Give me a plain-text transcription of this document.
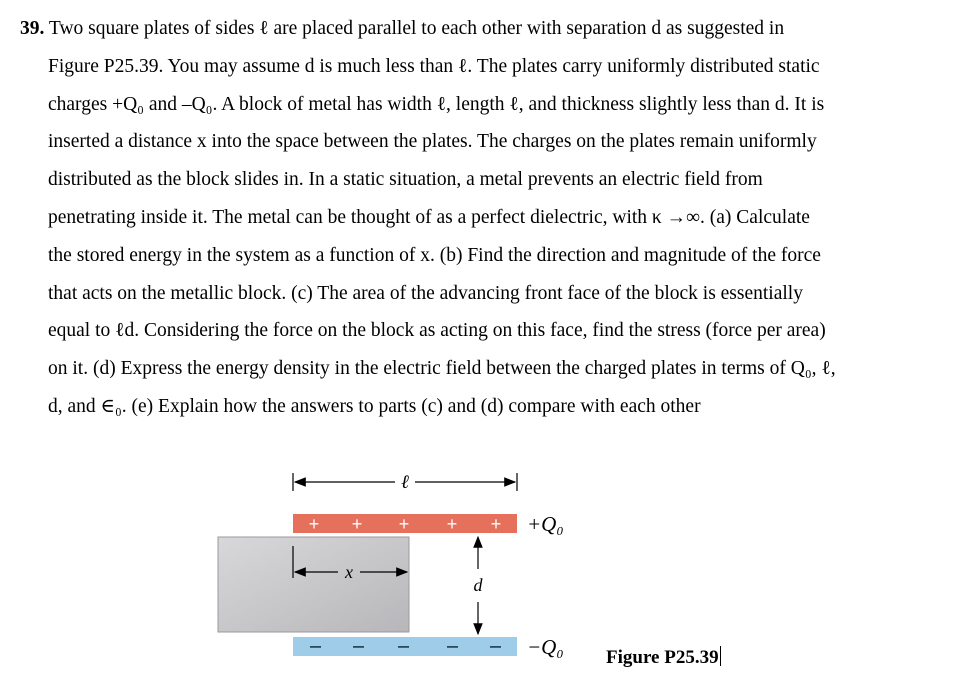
39. Two square plates of sides ℓ are placed parallel to each other with separation d as suggested in
Figure P25.39. You may assume d is much less than ℓ. The plates carry uniformly distributed static
charges +Q₀ and –Q₀. A block of metal has width ℓ, length ℓ, and thickness slightly less than d. It is
inserted a distance x into the space between the plates. The charges on the plates remain uniformly
distributed as the block slides in. In a static situation, a metal prevents an electric field from
penetrating inside it. The metal can be thought of as a perfect dielectric, with κ →∞. (a) Calculate
the stored energy in the system as a function of x. (b) Find the direction and magnitude of the force
that acts on the metallic block. (c) The area of the advancing front face of the block is essentially
equal to ℓd. Considering the force on the block as acting on this face, find the stress (force per area)
on it. (d) Express the energy density in the electric field between the charged plates in terms of Q₀, ℓ,
d, and ∈₀. (e) Explain how the answers to parts (c) and (d) compare with each other
ℓ
+ + + + + +Q₀
x
d
−Q₀ Figure P25.39
